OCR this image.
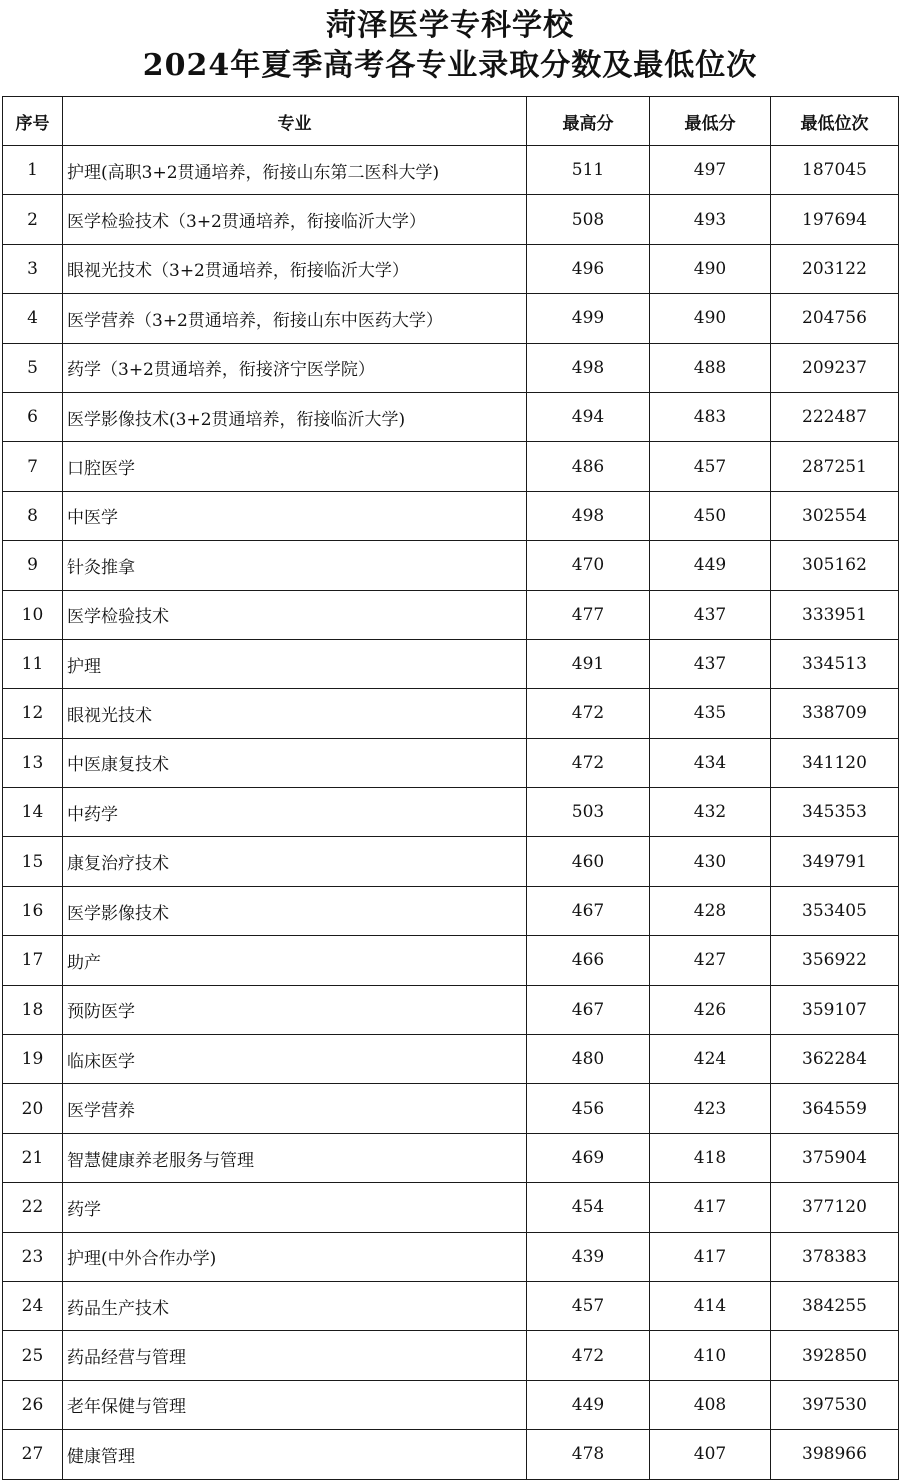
菏泽医学专科学校
2024年夏季高考各专业录取分数及最低位次
序号	专业	最高分	最低分	最低位次
1	护理(高职3+2贯通培养，衔接山东第二医科大学)	511	497	187045
2	医学检验技术（3+2贯通培养，衔接临沂大学）	508	493	197694
3	眼视光技术（3+2贯通培养，衔接临沂大学）	496	490	203122
4	医学营养（3+2贯通培养，衔接山东中医药大学）	499	490	204756
5	药学（3+2贯通培养，衔接济宁医学院）	498	488	209237
6	医学影像技术(3+2贯通培养，衔接临沂大学)	494	483	222487
7	口腔医学	486	457	287251
8	中医学	498	450	302554
9	针灸推拿	470	449	305162
10	医学检验技术	477	437	333951
11	护理	491	437	334513
12	眼视光技术	472	435	338709
13	中医康复技术	472	434	341120
14	中药学	503	432	345353
15	康复治疗技术	460	430	349791
16	医学影像技术	467	428	353405
17	助产	466	427	356922
18	预防医学	467	426	359107
19	临床医学	480	424	362284
20	医学营养	456	423	364559
21	智慧健康养老服务与管理	469	418	375904
22	药学	454	417	377120
23	护理(中外合作办学)	439	417	378383
24	药品生产技术	457	414	384255
25	药品经营与管理	472	410	392850
26	老年保健与管理	449	408	397530
27	健康管理	478	407	398966
